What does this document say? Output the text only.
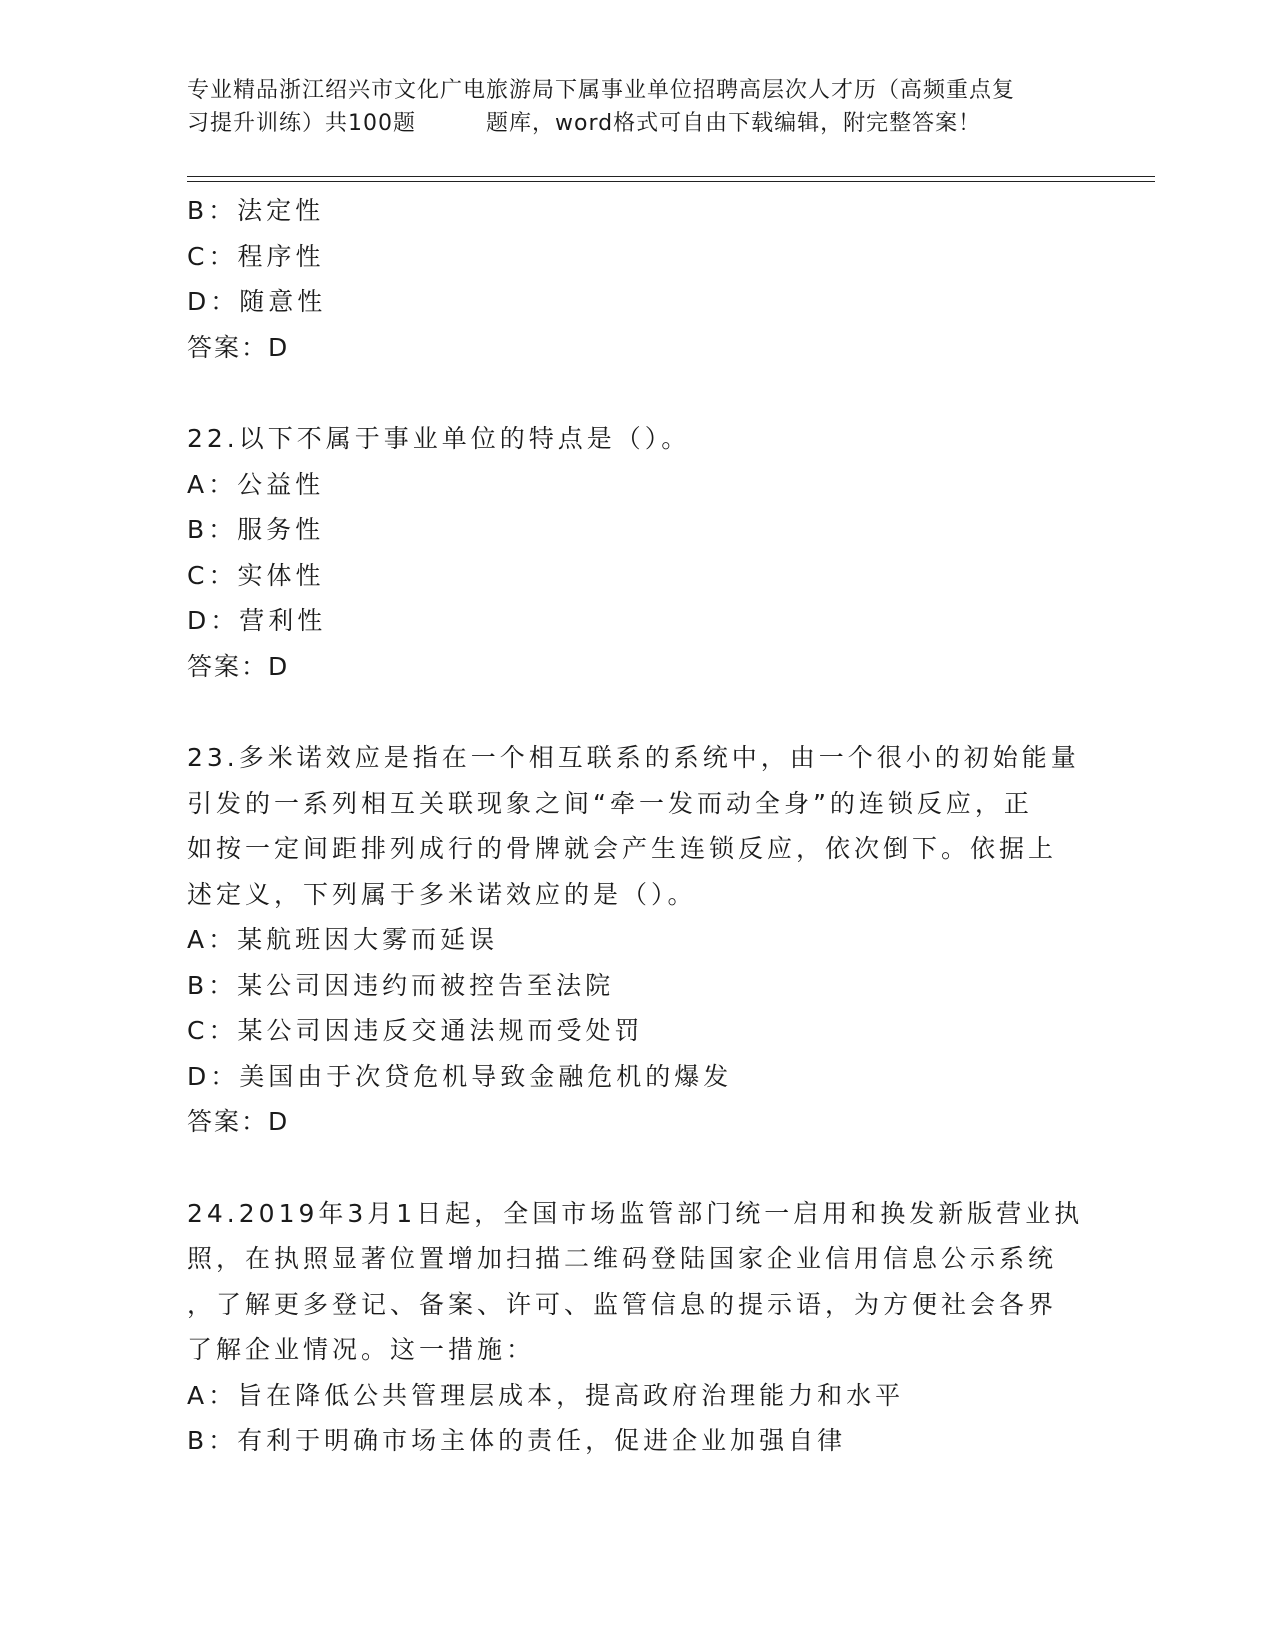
专业精品浙江绍兴市文化广电旅游局下属事业单位招聘高层次人才历（高频重点复
习提升训练）共100题	题库，word格式可自由下载编辑，附完整答案！
B：法定性
C：程序性
D：随意性
答案：D
22.以下不属于事业单位的特点是（）。
A：公益性
B：服务性
C：实体性
D：营利性
答案：D
23.多米诺效应是指在一个相互联系的系统中，由一个很小的初始能量
引发的一系列相互关联现象之间“牵一发而动全身”的连锁反应，正
如按一定间距排列成行的骨牌就会产生连锁反应，依次倒下。依据上
述定义，下列属于多米诺效应的是（）。
A：某航班因大雾而延误
B：某公司因违约而被控告至法院
C：某公司因违反交通法规而受处罚
D：美国由于次贷危机导致金融危机的爆发
答案：D
24.2019年3月1日起，全国市场监管部门统一启用和换发新版营业执
照，在执照显著位置增加扫描二维码登陆国家企业信用信息公示系统
，了解更多登记、备案、许可、监管信息的提示语，为方便社会各界
了解企业情况。这一措施：
A：旨在降低公共管理层成本，提高政府治理能力和水平
B：有利于明确市场主体的责任，促进企业加强自律
